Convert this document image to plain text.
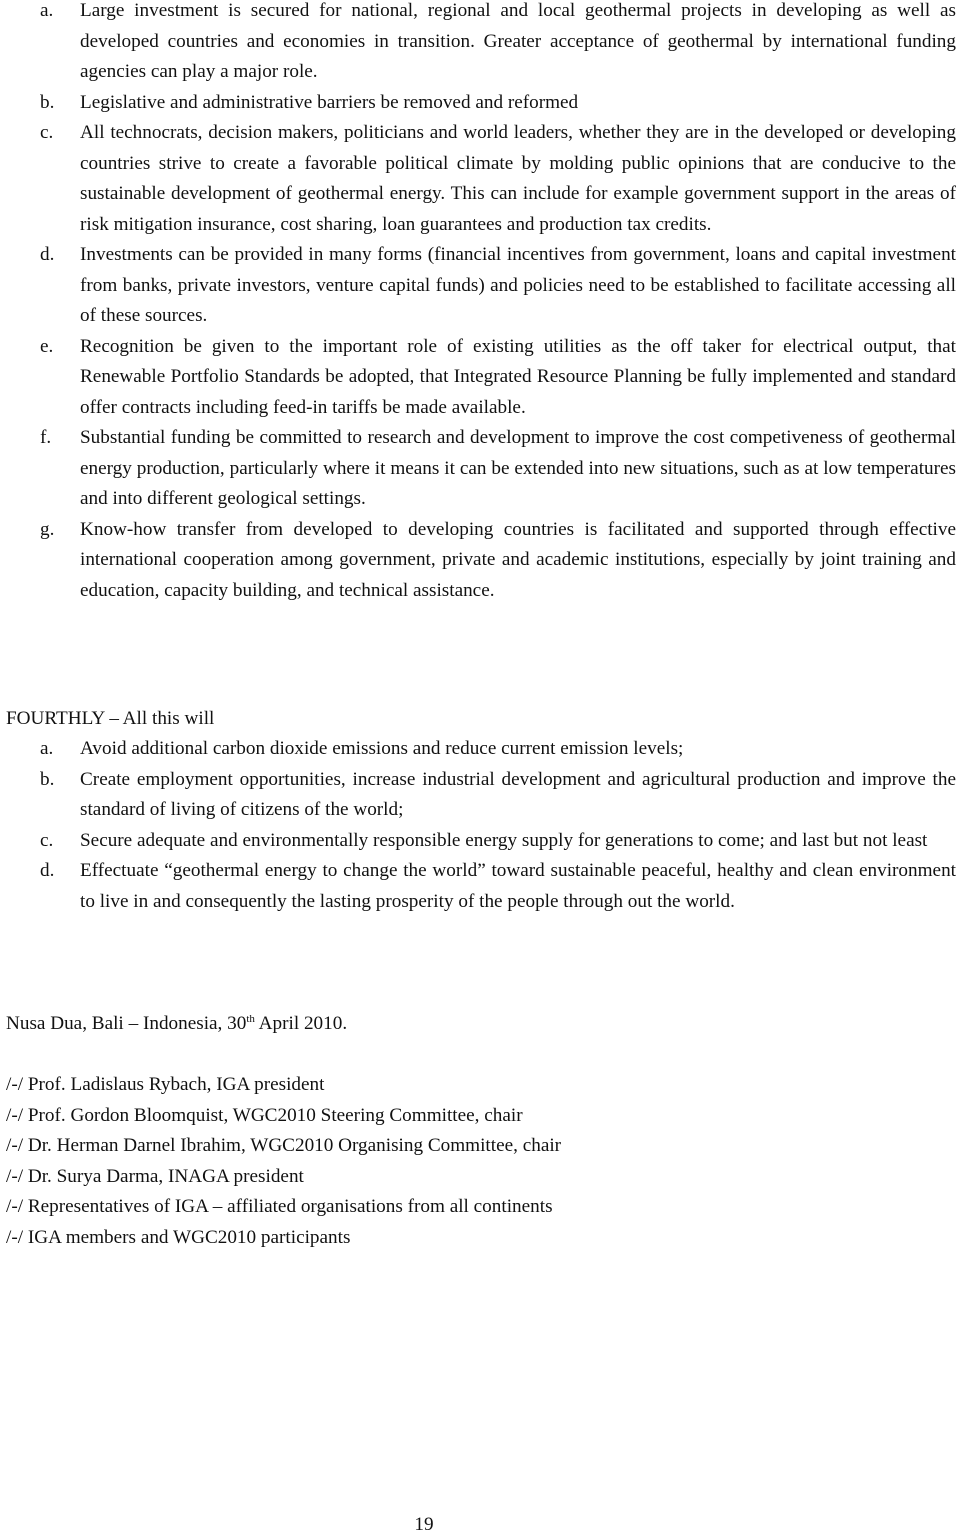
a.	Large investment is secured for national, regional and local geothermal projects in developing as well as developed countries and economies in transition. Greater acceptance of geothermal by international funding agencies can play a major role.
b.	Legislative and administrative barriers be removed and reformed
c.	All technocrats, decision makers, politicians and world leaders, whether they are in the developed or developing countries strive to create a favorable political climate by molding public opinions that are conducive to the sustainable development of geothermal energy. This can include for example government support in the areas of risk mitigation insurance, cost sharing, loan guarantees and production tax credits.
d.	Investments can be provided in many forms (financial incentives from government, loans and capital investment from banks, private investors, venture capital funds) and policies need to be established to facilitate accessing all of these sources.
e.	Recognition be given to the important role of existing utilities as the off taker for electrical output, that Renewable Portfolio Standards be adopted, that Integrated Resource Planning be fully implemented and standard offer contracts including feed-in tariffs be made available.
f.	Substantial funding be committed to research and development to improve the cost competiveness of geothermal energy production, particularly where it means it can be extended into new situations, such as at low temperatures and into different geological settings.
g.	Know-how transfer from developed to developing countries is facilitated and supported through effective international cooperation among government, private and academic institutions, especially by joint training and education, capacity building, and technical assistance.
FOURTHLY – All this will
a.	Avoid additional carbon dioxide emissions and reduce current emission levels;
b.	Create employment opportunities, increase industrial development and agricultural production and improve the standard of living of citizens of the world;
c.	Secure adequate and environmentally responsible energy supply for generations to come; and last but not least
d.	Effectuate “geothermal energy to change the world” toward sustainable peaceful, healthy and clean environment to live in and consequently the lasting prosperity of the people through out the world.
Nusa Dua, Bali – Indonesia, 30th April 2010.
/-/ Prof. Ladislaus Rybach, IGA president
/-/ Prof. Gordon Bloomquist, WGC2010 Steering Committee, chair
/-/ Dr. Herman Darnel Ibrahim, WGC2010 Organising Committee, chair
/-/ Dr. Surya Darma, INAGA president
/-/ Representatives of IGA – affiliated organisations from all continents
/-/ IGA members and WGC2010 participants
19
